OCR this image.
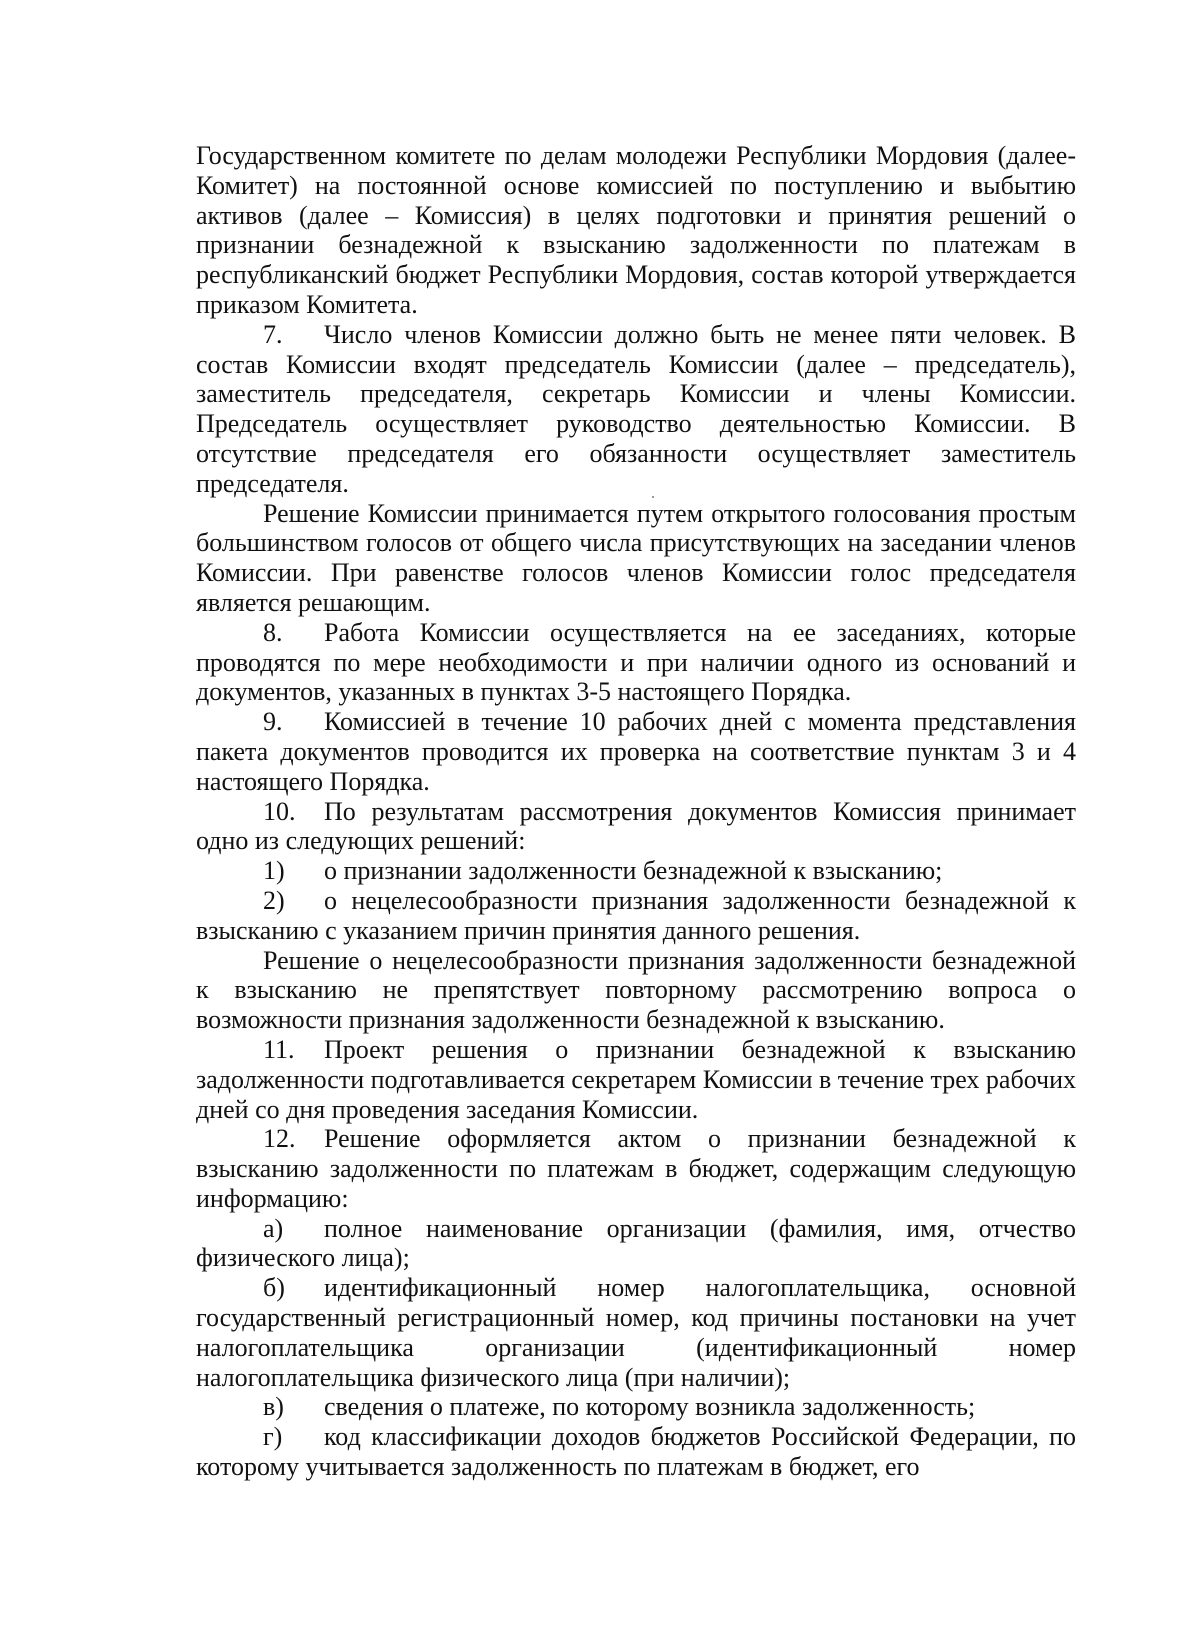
Государственном комитете по делам молодежи Республики Мордовия (далее- Комитет) на постоянной основе комиссией по поступлению и выбытию активов (далее – Комиссия) в целях подготовки и принятия решений о признании безнадежной к взысканию задолженности по платежам в республиканский бюджет Республики Мордовия, состав которой утверждается приказом Комитета.

7. Число членов Комиссии должно быть не менее пяти человек. В состав Комиссии входят председатель Комиссии (далее – председатель), заместитель председателя, секретарь Комиссии и члены Комиссии. Председатель осуществляет руководство деятельностью Комиссии. В отсутствие председателя его обязанности осуществляет заместитель председателя.

Решение Комиссии принимается путем открытого голосования простым большинством голосов от общего числа присутствующих на заседании членов Комиссии. При равенстве голосов членов Комиссии голос председателя является решающим.

8. Работа Комиссии осуществляется на ее заседаниях, которые проводятся по мере необходимости и при наличии одного из оснований и документов, указанных в пунктах 3-5 настоящего Порядка.

9. Комиссией в течение 10 рабочих дней с момента представления пакета документов проводится их проверка на соответствие пунктам 3 и 4 настоящего Порядка.

10. По результатам рассмотрения документов Комиссия принимает одно из следующих решений:

1) о признании задолженности безнадежной к взысканию;

2) о нецелесообразности признания задолженности безнадежной к взысканию с указанием причин принятия данного решения.

Решение о нецелесообразности признания задолженности безнадежной к взысканию не препятствует повторному рассмотрению вопроса о возможности признания задолженности безнадежной к взысканию.

11. Проект решения о признании безнадежной к взысканию задолженности подготавливается секретарем Комиссии в течение трех рабочих дней со дня проведения заседания Комиссии.

12. Решение оформляется актом о признании безнадежной к взысканию задолженности по платежам в бюджет, содержащим следующую информацию:

а) полное наименование организации (фамилия, имя, отчество физического лица);

б) идентификационный номер налогоплательщика, основной государственный регистрационный номер, код причины постановки на учет налогоплательщика организации (идентификационный номер налогоплательщика физического лица (при наличии);

в) сведения о платеже, по которому возникла задолженность;

г) код классификации доходов бюджетов Российской Федерации, по которому учитывается задолженность по платежам в бюджет, его
